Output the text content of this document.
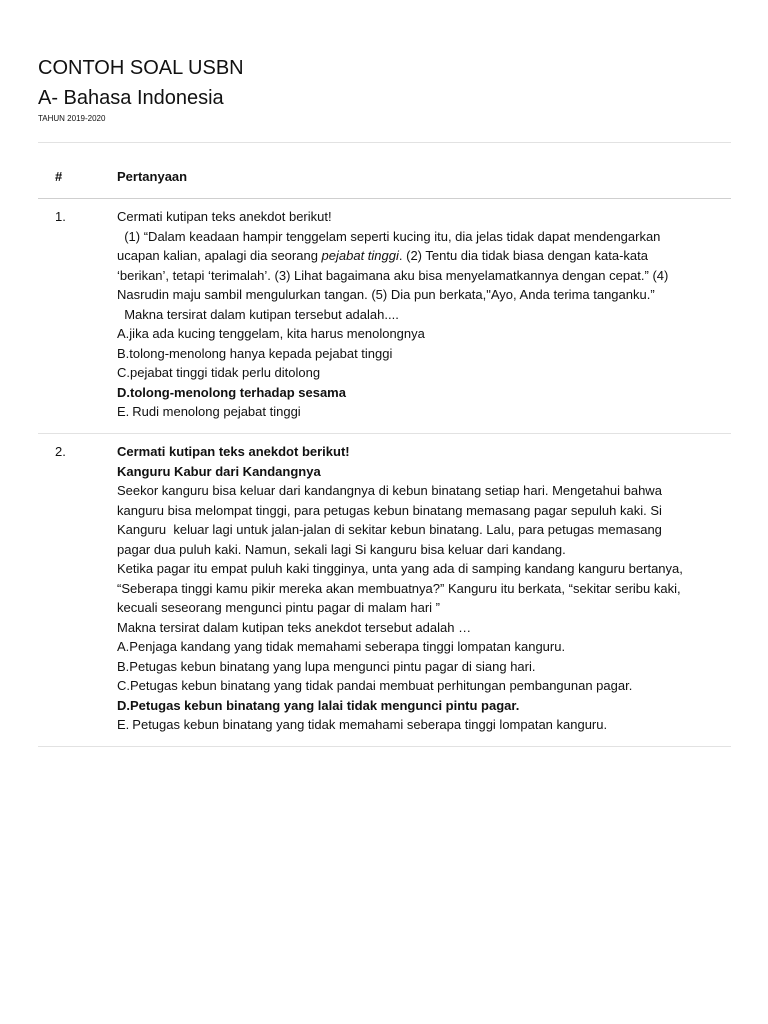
CONTOH SOAL USBN
A- Bahasa Indonesia
TAHUN 2019-2020
#	Pertanyaan
1.	Cermati kutipan teks anekdot berikut!
(1) “Dalam keadaan hampir tenggelam seperti kucing itu, dia jelas tidak dapat mendengarkan
ucapan kalian, apalagi dia seorang pejabat tinggi. (2) Tentu dia tidak biasa dengan kata-kata
‘berikan’, tetapi ‘terimalah’. (3) Lihat bagaimana aku bisa menyelamatkannya dengan cepat.” (4)
Nasrudin maju sambil mengulurkan tangan. (5) Dia pun berkata,"Ayo, Anda terima tanganku.”
Makna tersirat dalam kutipan tersebut adalah....
A. jika ada kucing tenggelam, kita harus menolongnya
B. tolong-menolong hanya kepada pejabat tinggi
C. pejabat tinggi tidak perlu ditolong
D. tolong-menolong terhadap sesama
E. Rudi menolong pejabat tinggi
2.	Cermati kutipan teks anekdot berikut!
Kanguru Kabur dari Kandangnya
Seekor kanguru bisa keluar dari kandangnya di kebun binatang setiap hari. Mengetahui bahwa
kanguru bisa melompat tinggi, para petugas kebun binatang memasang pagar sepuluh kaki. Si
Kanguru  keluar lagi untuk jalan-jalan di sekitar kebun binatang. Lalu, para petugas memasang
pagar dua puluh kaki. Namun, sekali lagi Si kanguru bisa keluar dari kandang.
Ketika pagar itu empat puluh kaki tingginya, unta yang ada di samping kandang kanguru bertanya,
“Seberapa tinggi kamu pikir mereka akan membuatnya?” Kanguru itu berkata, “sekitar seribu kaki,
kecuali seseorang mengunci pintu pagar di malam hari ”
Makna tersirat dalam kutipan teks anekdot tersebut adalah …
A. Penjaga kandang yang tidak memahami seberapa tinggi lompatan kanguru.
B. Petugas kebun binatang yang lupa mengunci pintu pagar di siang hari.
C. Petugas kebun binatang yang tidak pandai membuat perhitungan pembangunan pagar.
D. Petugas kebun binatang yang lalai tidak mengunci pintu pagar.
E. Petugas kebun binatang yang tidak memahami seberapa tinggi lompatan kanguru.
